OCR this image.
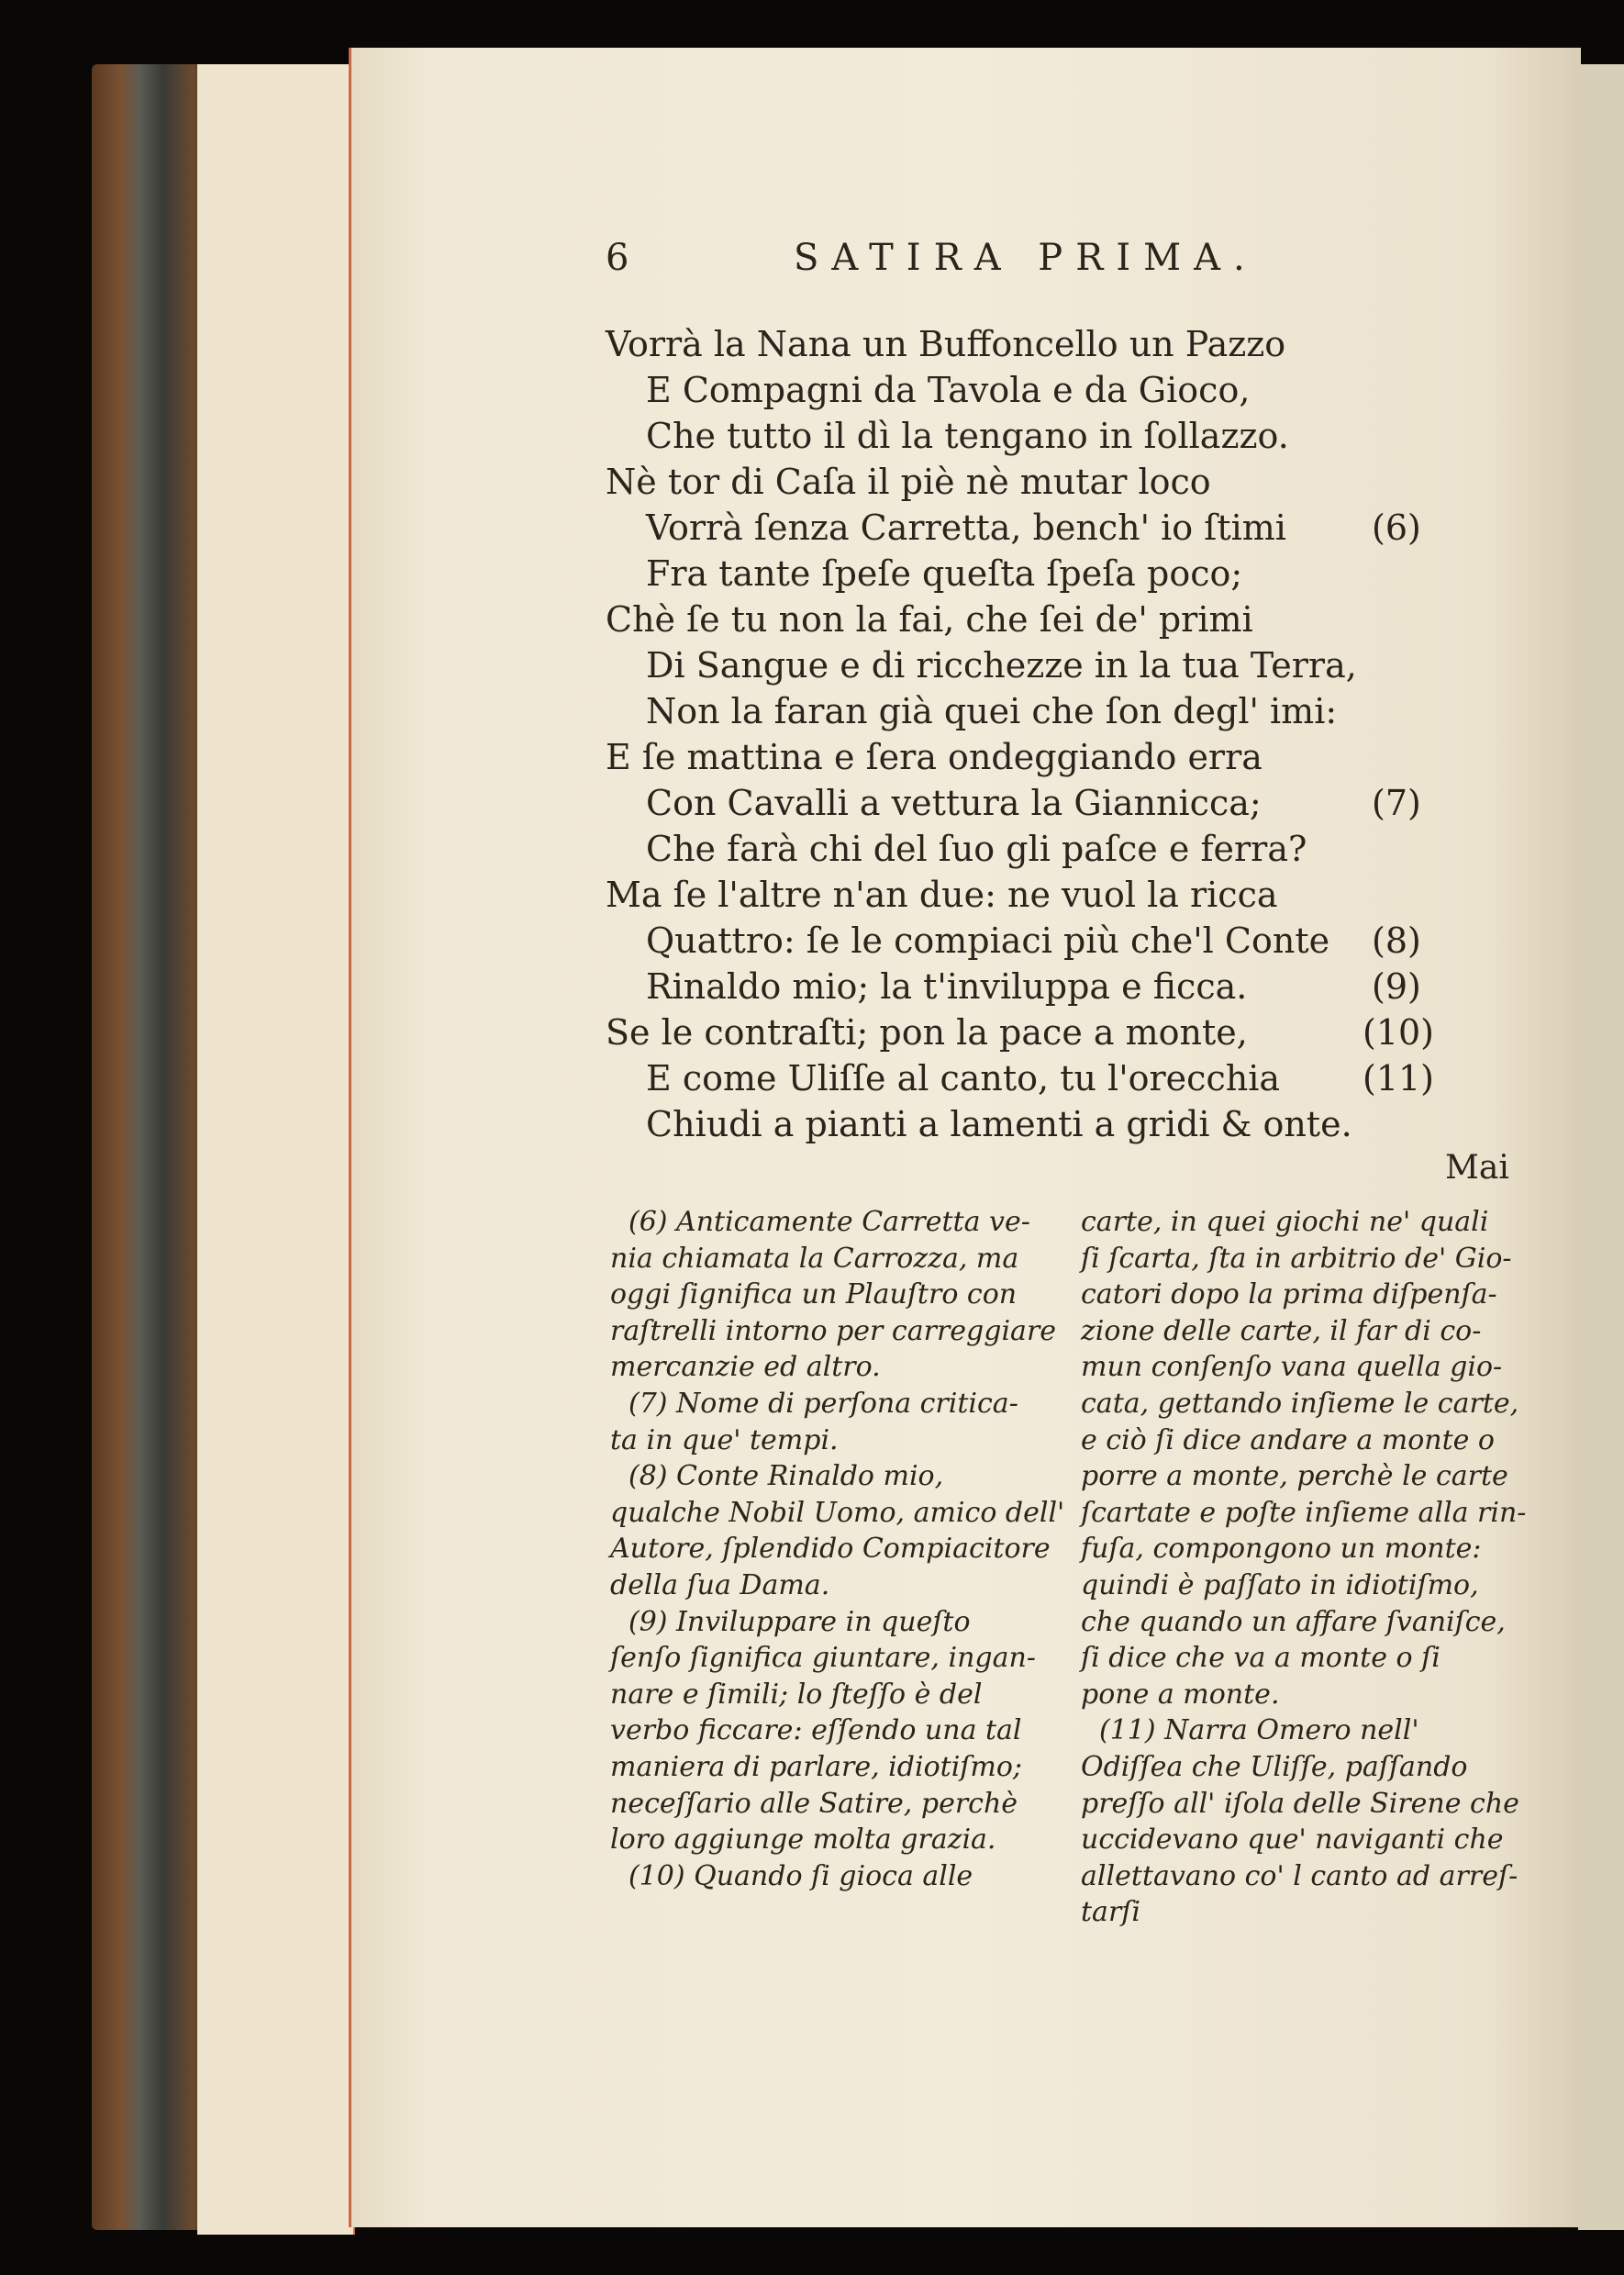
6	SATIRA PRIMA.
Vorrà la Nana un Buffoncello un Pazzo
E Compagni da Tavola e da Gioco,
Che tutto il dì la tengano in ſollazzo.
Nè tor di Caſa il piè nè mutar loco
Vorrà ſenza Carretta, bench' io ſtimi (6)
Fra tante ſpeſe queſta ſpeſa poco;
Chè ſe tu non la fai, che ſei de' primi
Di Sangue e di ricchezze in la tua Terra,
Non la faran già quei che ſon degl' imi:
E ſe mattina e ſera ondeggiando erra
Con Cavalli a vettura la Giannicca;	(7)
Che farà chi del ſuo gli paſce e ferra?
Ma ſe l'altre n'an due: ne vuol la ricca
Quattro: ſe le compiaci più che'l Conte (8)
Rinaldo mio; la t'inviluppa e ficca.	(9)
Se le contraſti; pon la pace a monte,	(10)
E come Uliſſe al canto, tu l'orecchia (11)
Chiudi a pianti a lamenti a gridi & onte.
Mai
(6) Anticamente Carretta ve-
nia chiamata la Carrozza, ma
oggi ſignifica un Plauſtro con
raſtrelli intorno per carreggiare
mercanzie ed altro.
(7) Nome di perſona critica-
ta in que' tempi.
(8) Conte Rinaldo mio,
qualche Nobil Uomo, amico dell'
Autore, ſplendido Compiacitore
della ſua Dama.
(9) Inviluppare in queſto
ſenſo ſignifica giuntare, ingan-
nare e ſimili; lo ſteſſo è del
verbo ficcare: eſſendo una tal
maniera di parlare, idiotiſmo;
neceſſario alle Satire, perchè
loro aggiunge molta grazia.
(10) Quando ſi gioca alle
carte, in quei giochi ne' quali
ſi ſcarta, ſta in arbitrio de' Gio-
catori dopo la prima diſpenſa-
zione delle carte, il far di co-
mun conſenſo vana quella gio-
cata, gettando inſieme le carte,
e ciò ſi dice andare a monte o
porre a monte, perchè le carte
ſcartate e poſte inſieme alla rin-
fuſa, compongono un monte:
quindi è paſſato in idiotiſmo,
che quando un affare ſvaniſce,
ſi dice che va a monte o ſi
pone a monte.
(11) Narra Omero nell'
Odiſſea che Uliſſe, paſſando
preſſo all' iſola delle Sirene che
uccidevano que' naviganti che
allettavano co' l canto ad arreſ-
tarſi
